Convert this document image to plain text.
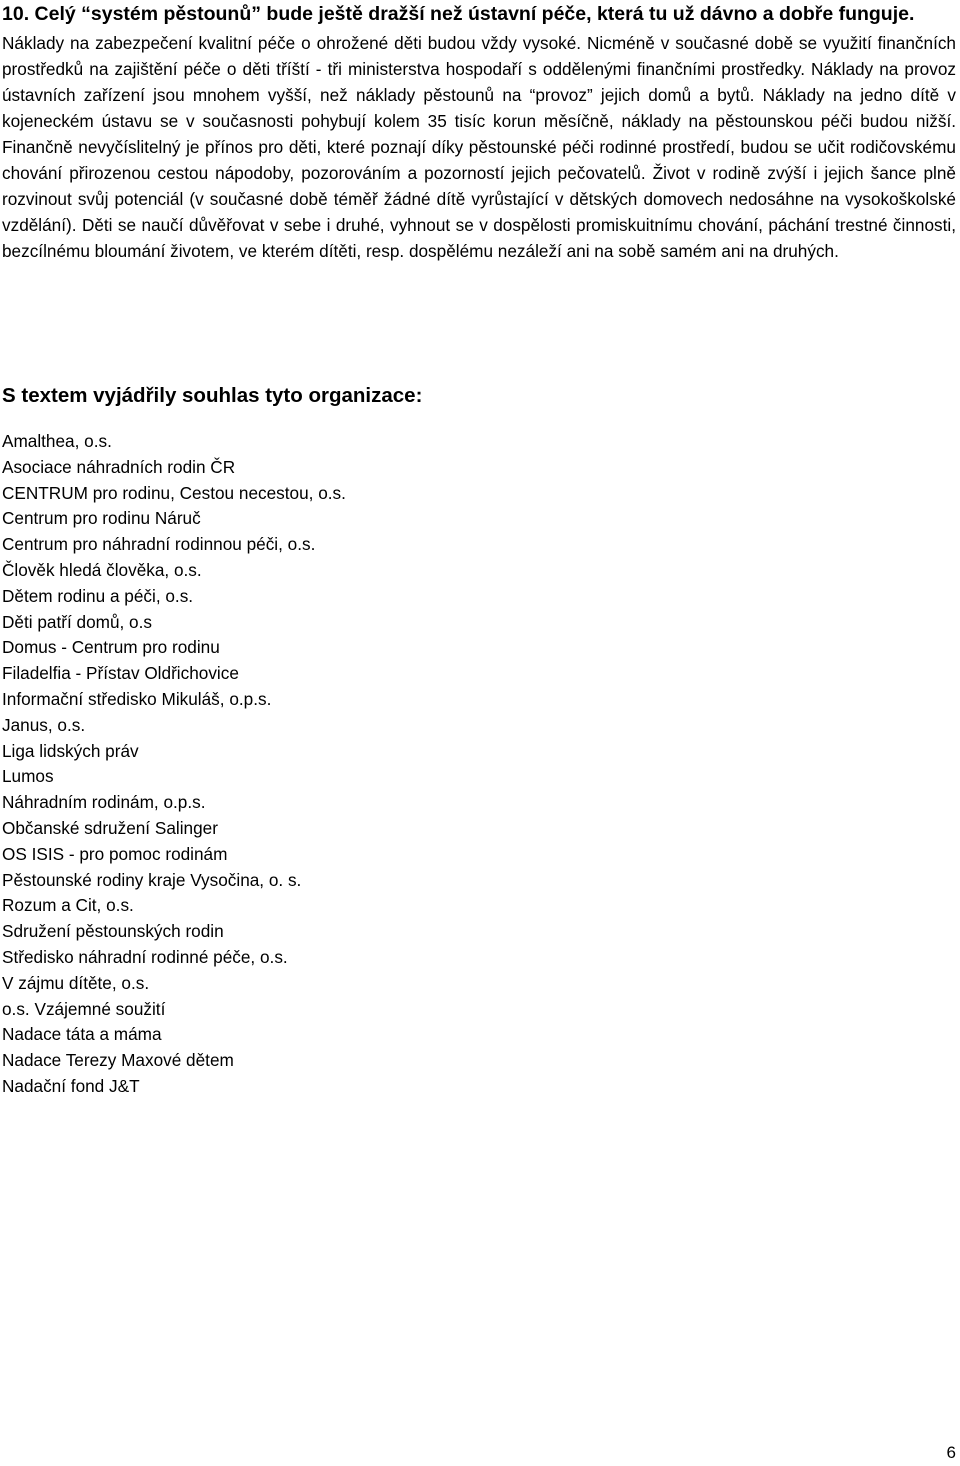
10. Celý “systém pěstounů” bude ještě dražší než ústavní péče, která tu už dávno a dobře funguje.

Náklady na zabezpečení kvalitní péče o ohrožené děti budou vždy vysoké. Nicméně v současné době se využití finančních prostředků na zajištění péče o děti tříští - tři ministerstva hospodaří s oddělenými finančními prostředky. Náklady na provoz ústavních zařízení jsou mnohem vyšší, než náklady pěstounů na “provoz” jejich domů a bytů. Náklady na jedno dítě v kojeneckém ústavu se v současnosti pohybují kolem 35 tisíc korun měsíčně, náklady na pěstounskou péči budou nižší. Finančně nevyčíslitelný je přínos pro děti, které poznají díky pěstounské péči rodinné prostředí, budou se učit rodičovskému chování přirozenou cestou nápodoby, pozorováním a pozorností jejich pečovatelů. Život v rodině zvýší i jejich šance plně rozvinout svůj potenciál (v současné době téměř žádné dítě vyrůstající v dětských domovech nedosáhne na vysokoškolské vzdělání). Děti se naučí důvěřovat v sebe i druhé, vyhnout se v dospělosti promiskuitnímu chování, páchání trestné činnosti, bezcílnému bloumání životem, ve kterém dítěti, resp. dospělému nezáleží ani na sobě samém ani na druhých.

S textem vyjádřily souhlas tyto organizace:

Amalthea, o.s.
Asociace náhradních rodin ČR
CENTRUM pro rodinu, Cestou necestou, o.s.
Centrum pro rodinu Náruč
Centrum pro náhradní rodinnou péči, o.s.
Člověk hledá člověka, o.s.
Dětem rodinu a péči, o.s.
Děti patří domů, o.s
Domus - Centrum pro rodinu
Filadelfia - Přístav Oldřichovice
Informační středisko Mikuláš, o.p.s.
Janus, o.s.
Liga lidských práv
Lumos
Náhradním rodinám, o.p.s.
Občanské sdružení Salinger
OS ISIS - pro pomoc rodinám
Pěstounské rodiny kraje Vysočina, o. s.
Rozum a Cit, o.s.
Sdružení pěstounských rodin
Středisko náhradní rodinné péče, o.s.
V zájmu dítěte, o.s.
o.s. Vzájemné soužití
Nadace táta a máma
Nadace Terezy Maxové dětem
Nadační fond J&T
6
